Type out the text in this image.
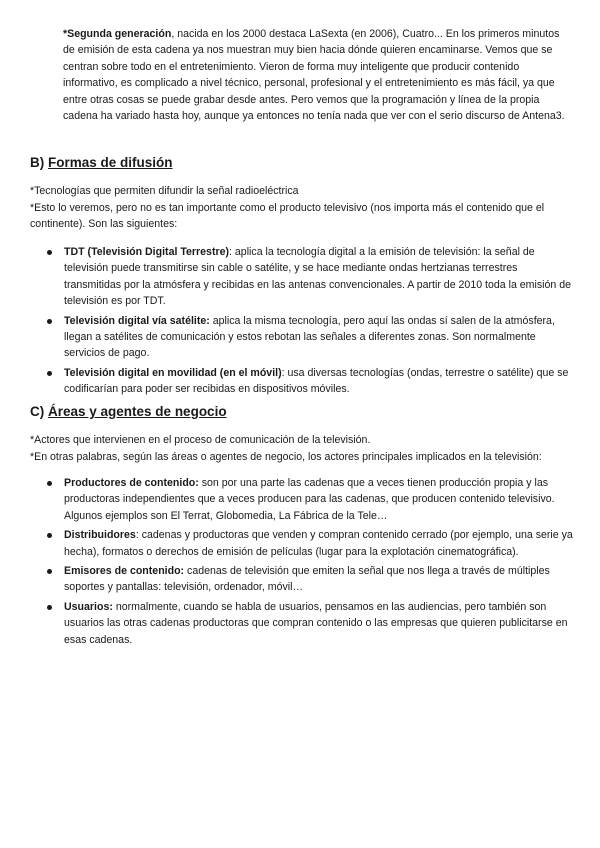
*Segunda generación, nacida en los 2000 destaca LaSexta (en 2006), Cuatro... En los primeros minutos de emisión de esta cadena ya nos muestran muy bien hacia dónde quieren encaminarse. Vemos que se centran sobre todo en el entretenimiento. Vieron de forma muy inteligente que producir contenido informativo, es complicado a nivel técnico, personal, profesional y el entretenimiento es más fácil, ya que entre otras cosas se puede grabar desde antes. Pero vemos que la programación y línea de la propia cadena ha variado hasta hoy, aunque ya entonces no tenía nada que ver con el serio discurso de Antena3.

B) Formas de difusión

*Tecnologías que permiten difundir la señal radioeléctrica

*Esto lo veremos, pero no es tan importante como el producto televisivo (nos importa más el contenido que el continente). Son las siguientes:

TDT (Televisión Digital Terrestre): aplica la tecnología digital a la emisión de televisión: la señal de televisión puede transmitirse sin cable o satélite, y se hace mediante ondas hertzianas terrestres transmitidas por la atmósfera y recibidas en las antenas convencionales. A partir de 2010 toda la emisión de televisión es por TDT.
Televisión digital vía satélite: aplica la misma tecnología, pero aquí las ondas sí salen de la atmósfera, llegan a satélites de comunicación y estos rebotan las señales a diferentes zonas. Son normalmente servicios de pago.
Televisión digital en movilidad (en el móvil): usa diversas tecnologías (ondas, terrestre o satélite) que se codificarían para poder ser recibidas en dispositivos móviles.
C) Áreas y agentes de negocio

*Actores que intervienen en el proceso de comunicación de la televisión.

*En otras palabras, según las áreas o agentes de negocio, los actores principales implicados en la televisión:

Productores de contenido: son por una parte las cadenas que a veces tienen producción propia y las productoras independientes que a veces producen para las cadenas, que producen contenido televisivo. Algunos ejemplos son El Terrat, Globomedia, La Fábrica de la Tele…
Distribuidores: cadenas y productoras que venden y compran contenido cerrado (por ejemplo, una serie ya hecha), formatos o derechos de emisión de películas (lugar para la explotación cinematográfica).
Emisores de contenido: cadenas de televisión que emiten la señal que nos llega a través de múltiples soportes y pantallas: televisión, ordenador, móvil…
Usuarios: normalmente, cuando se habla de usuarios, pensamos en las audiencias, pero también son usuarios las otras cadenas productoras que compran contenido o las empresas que quieren publicitarse en esas cadenas.
